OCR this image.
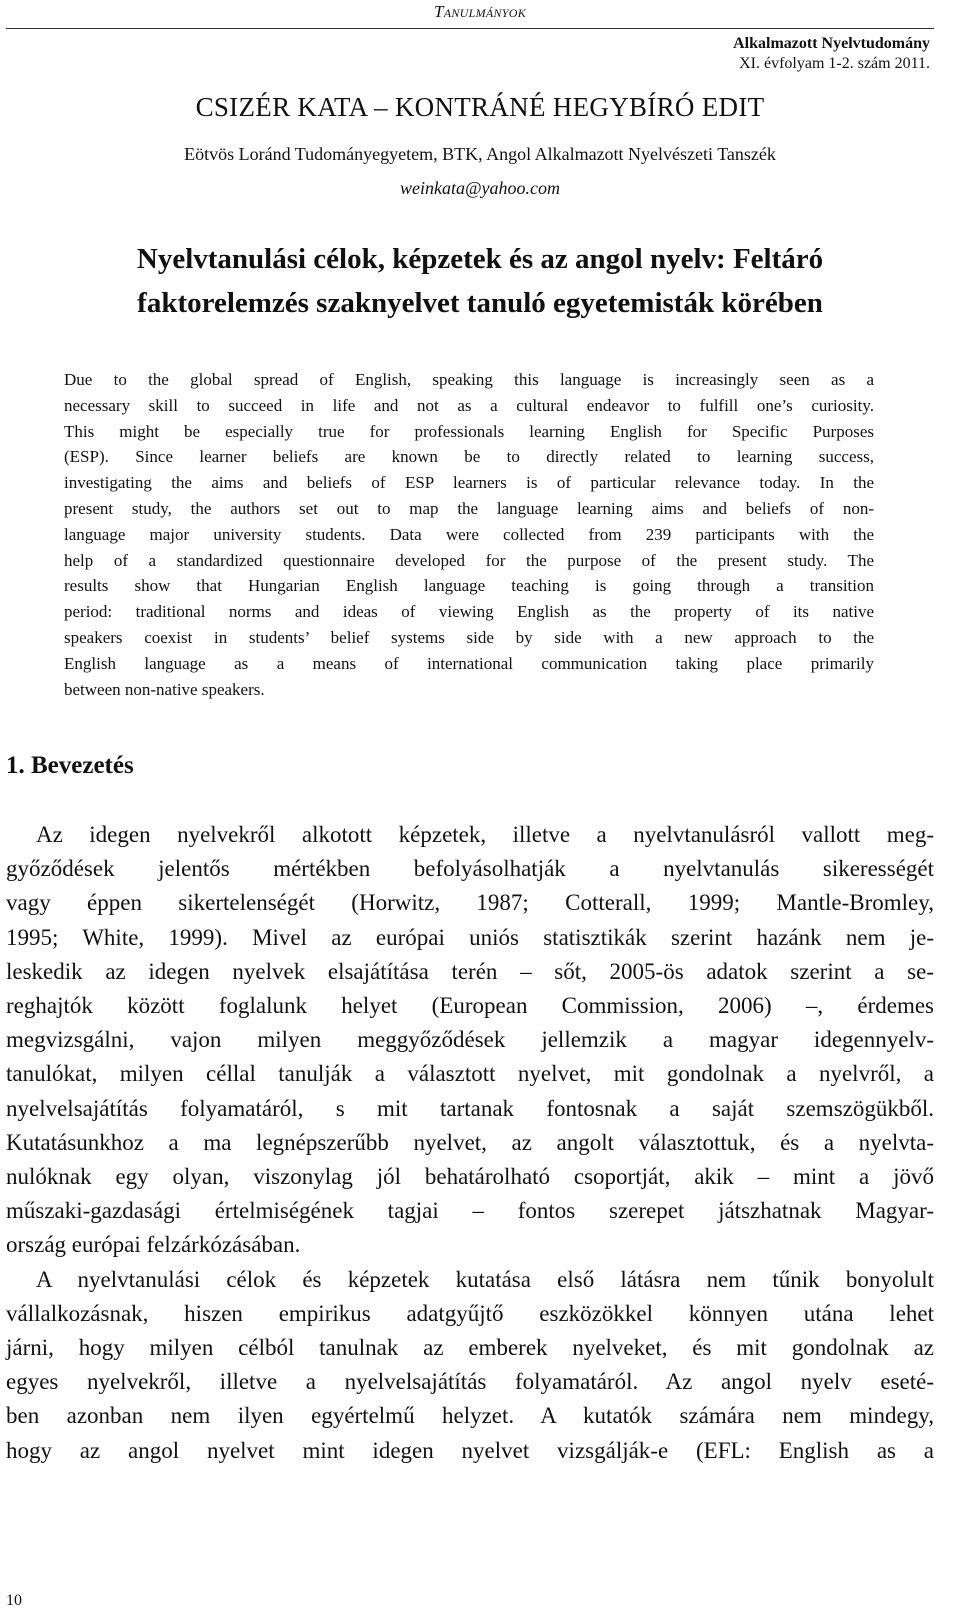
Tanulmányok
Alkalmazott Nyelvtudomány
XI. évfolyam 1-2. szám 2011.
CSIZÉR KATA – KONTRÁNÉ HEGYBÍRÓ EDIT
Eötvös Loránd Tudományegyetem, BTK, Angol Alkalmazott Nyelvészeti Tanszék
weinkata@yahoo.com
Nyelvtanulási célok, képzetek és az angol nyelv: Feltáró
faktorelemzés szaknyelvet tanuló egyetemisták körében
Due to the global spread of English, speaking this language is increasingly seen as a
necessary skill to succeed in life and not as a cultural endeavor to fulfill one’s curiosity.
This might be especially true for professionals learning English for Specific Purposes
(ESP). Since learner beliefs are known be to directly related to learning success,
investigating the aims and beliefs of ESP learners is of particular relevance today. In the
present study, the authors set out to map the language learning aims and beliefs of non-
language major university students. Data were collected from 239 participants with the
help of a standardized questionnaire developed for the purpose of the present study. The
results show that Hungarian English language teaching is going through a transition
period: traditional norms and ideas of viewing English as the property of its native
speakers coexist in students’ belief systems side by side with a new approach to the
English language as a means of international communication taking place primarily
between non-native speakers.
1. Bevezetés
Az idegen nyelvekről alkotott képzetek, illetve a nyelvtanulásról vallott meg-
győződések jelentős mértékben befolyásolhatják a nyelvtanulás sikerességét
vagy éppen sikertelenségét (Horwitz, 1987; Cotterall, 1999; Mantle-Bromley,
1995; White, 1999). Mivel az európai uniós statisztikák szerint hazánk nem je-
leskedik az idegen nyelvek elsajátítása terén – sőt, 2005-ös adatok szerint a se-
reghajtók között foglalunk helyet (European Commission, 2006) –, érdemes
megvizsgálni, vajon milyen meggyőződések jellemzik a magyar idegennyelv-
tanulókat, milyen céllal tanulják a választott nyelvet, mit gondolnak a nyelvről, a
nyelvelsajátítás folyamatáról, s mit tartanak fontosnak a saját szemszögükből.
Kutatásunkhoz a ma legnépszerűbb nyelvet, az angolt választottuk, és a nyelvta-
nulóknak egy olyan, viszonylag jól behatárolható csoportját, akik – mint a jövő
műszaki-gazdasági értelmiségének tagjai – fontos szerepet játszhatnak Magyar-
ország európai felzárkózásában.
A nyelvtanulási célok és képzetek kutatása első látásra nem tűnik bonyolult
vállalkozásnak, hiszen empirikus adatgyűjtő eszközökkel könnyen utána lehet
járni, hogy milyen célból tanulnak az emberek nyelveket, és mit gondolnak az
egyes nyelvekről, illetve a nyelvelsajátítás folyamatáról. Az angol nyelv eseté-
ben azonban nem ilyen egyértelmű helyzet. A kutatók számára nem mindegy,
hogy az angol nyelvet mint idegen nyelvet vizsgálják-e (EFL: English as a
10
